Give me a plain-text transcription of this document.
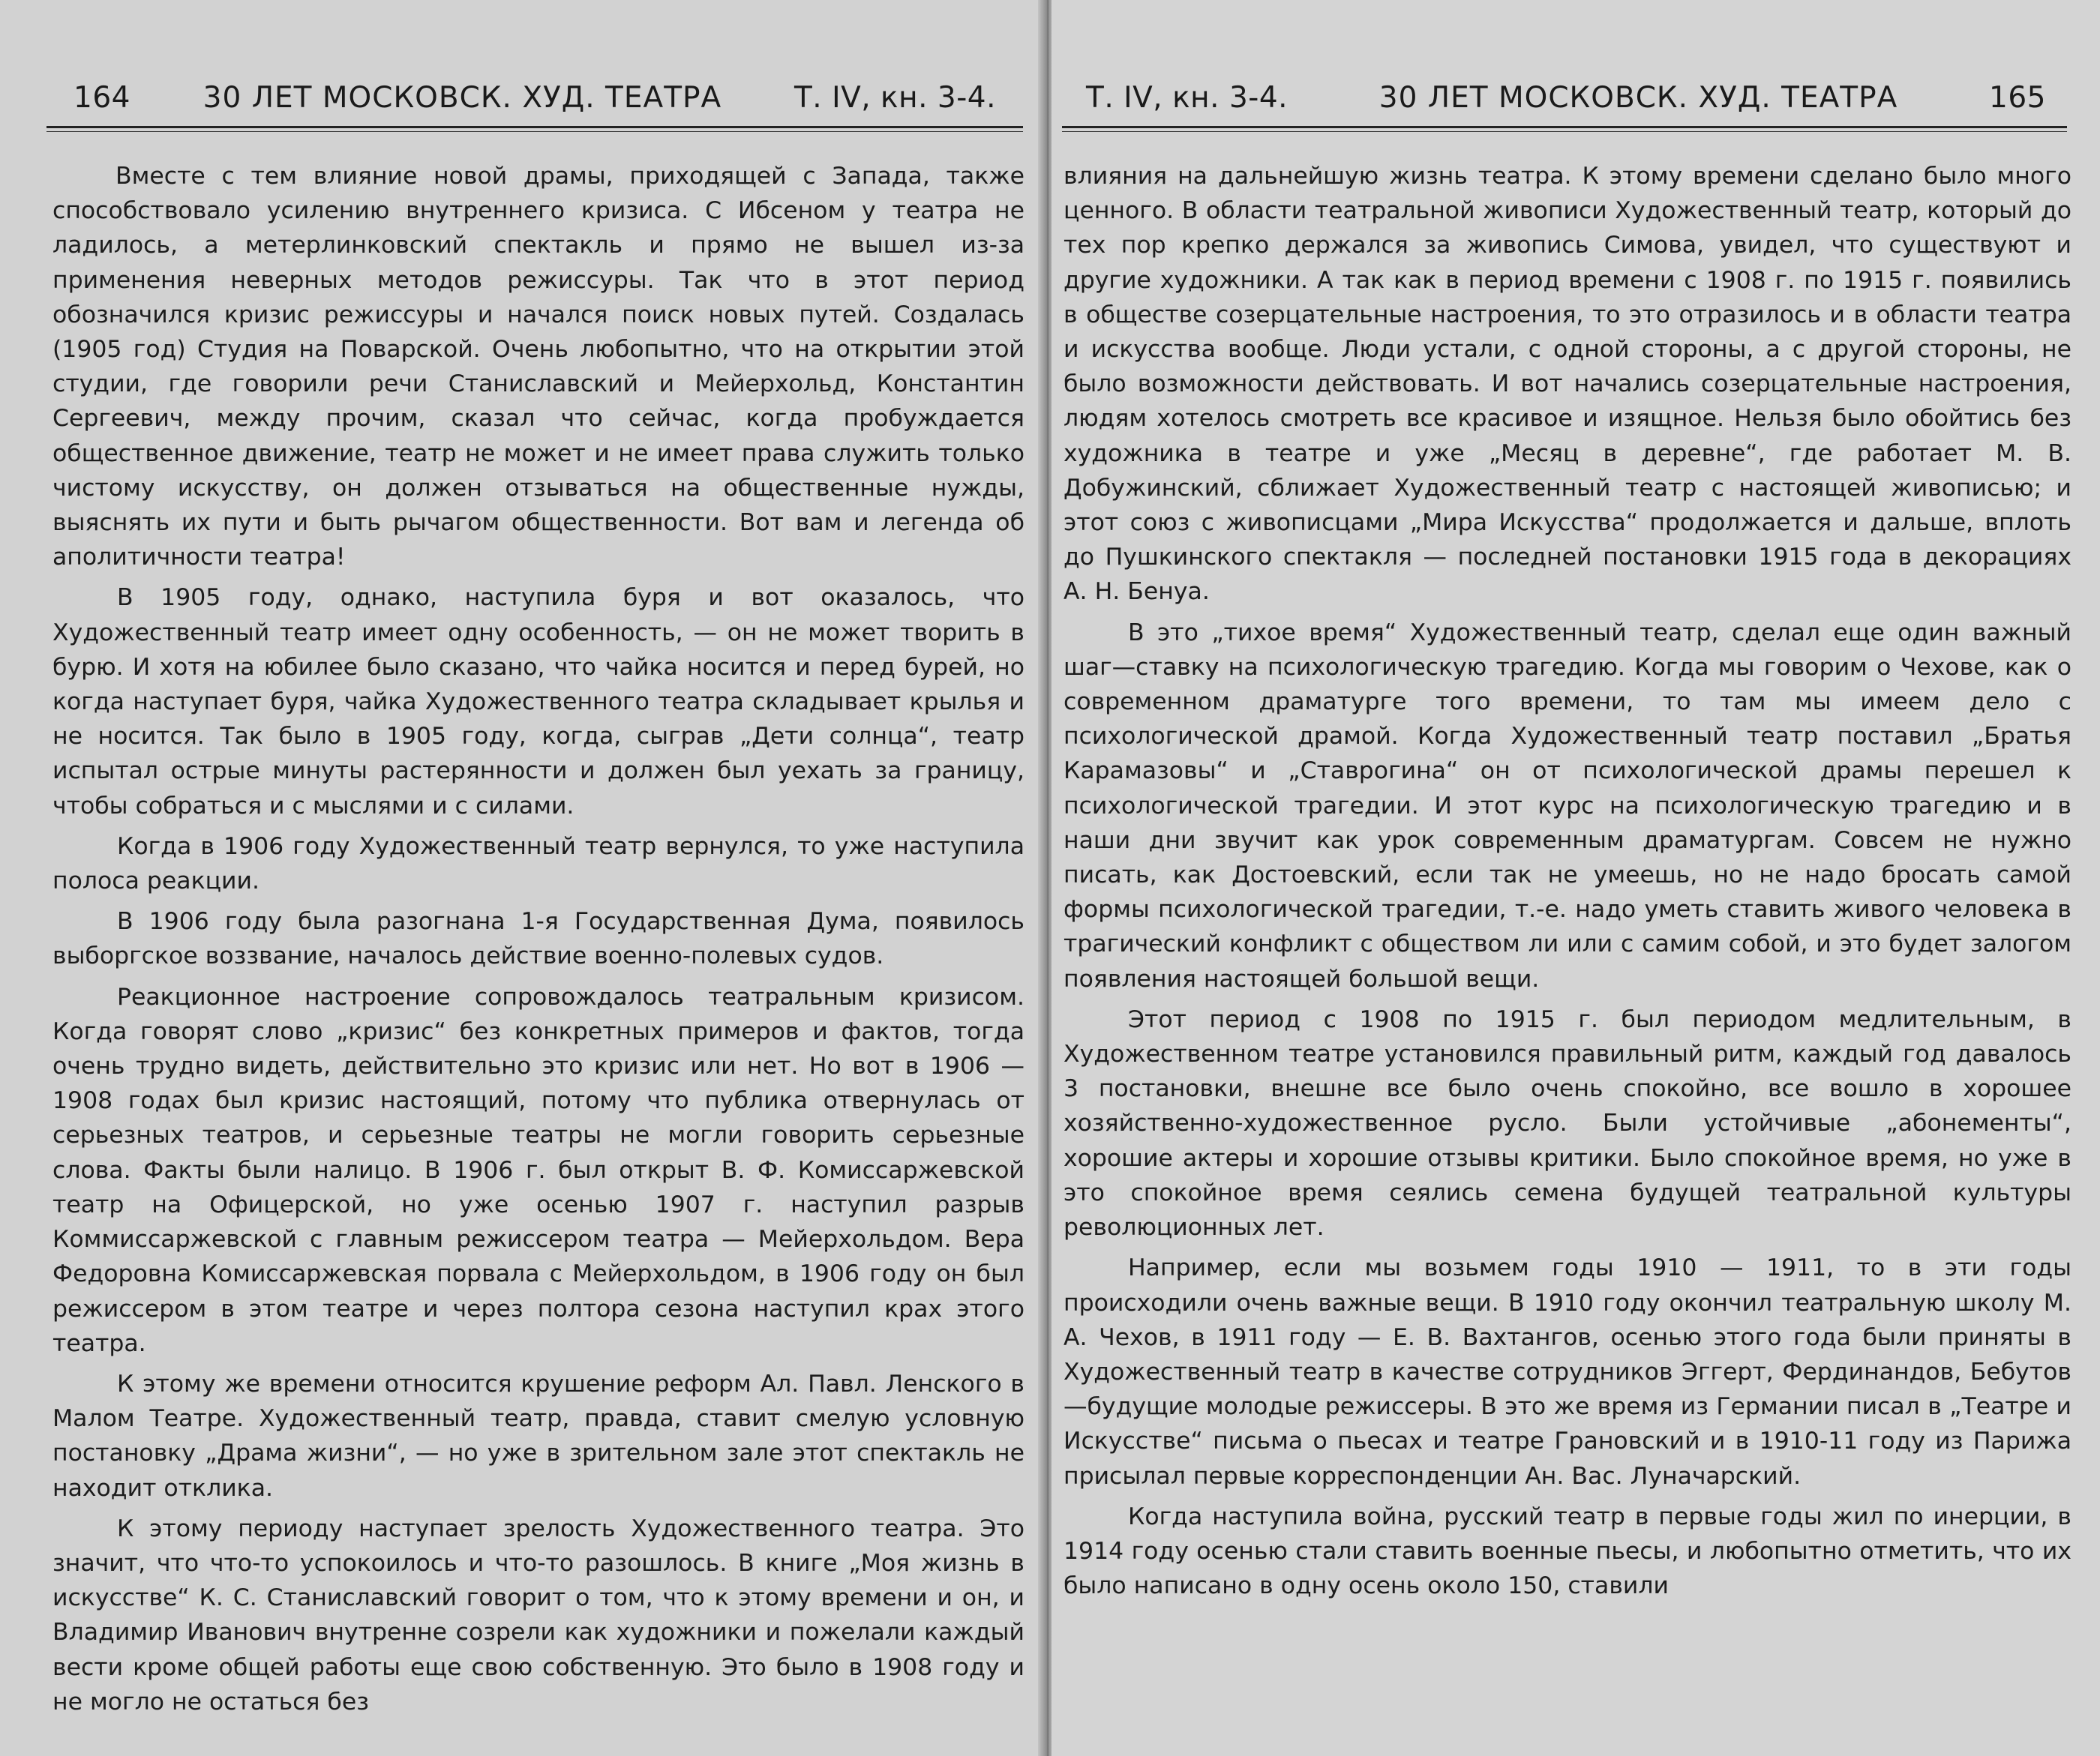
164	30 ЛЕТ МОСКОВСК. ХУД. ТЕАТРА	Т. IV, кн. 3-4.

Вместе с тем влияние новой драмы, приходящей с Запада, также способствовало усилению внутреннего кризиса. С Ибсеном у театра не ладилось, а метерлинковский спектакль и прямо не вышел из-за применения неверных методов режиссуры. Так что в этот период обозначился кризис режиссуры и начался поиск новых путей. Создалась (1905 год) Студия на Поварской. Очень любопытно, что на открытии этой студии, где говорили речи Станиславский и Мейерхольд, Константин Сергеевич, между прочим, сказал что сейчас, когда пробуждается общественное движение, театр не может и не имеет права служить только чистому искусству, он должен отзываться на общественные нужды, выяснять их пути и быть рычагом общественности. Вот вам и легенда об аполитичности театра!

В 1905 году, однако, наступила буря и вот оказалось, что Художественный театр имеет одну особенность, — он не может творить в бурю. И хотя на юбилее было сказано, что чайка носится и перед бурей, но когда наступает буря, чайка Художественного театра складывает крылья и не носится. Так было в 1905 году, когда, сыграв „Дети солнца“, театр испытал острые минуты растерянности и должен был уехать за границу, чтобы собраться и с мыслями и с силами.

Когда в 1906 году Художественный театр вернулся, то уже наступила полоса реакции.

В 1906 году была разогнана 1-я Государственная Дума, появилось выборгское воззвание, началось действие военно-полевых судов.

Реакционное настроение сопровождалось театральным кризисом. Когда говорят слово „кризис“ без конкретных примеров и фактов, тогда очень трудно видеть, действительно это кризис или нет. Но вот в 1906 — 1908 годах был кризис настоящий, потому что публика отвернулась от серьезных театров, и серьезные театры не могли говорить серьезные слова. Факты были налицо. В 1906 г. был открыт В. Ф. Комиссаржевской театр на Офицерской, но уже осенью 1907 г. наступил разрыв Коммиссаржевской с главным режиссером театра — Мейерхольдом. Вера Федоровна Комиссаржевская порвала с Мейерхольдом, в 1906 году он был режиссером в этом театре и через полтора сезона наступил крах этого театра.

К этому же времени относится крушение реформ Ал. Павл. Ленского в Малом Театре. Художественный театр, правда, ставит смелую условную постановку „Драма жизни“, — но уже в зрительном зале этот спектакль не находит отклика.

К этому периоду наступает зрелость Художественного театра. Это значит, что что-то успокоилось и что-то разошлось. В книге „Моя жизнь в искусстве“ К. С. Станиславский говорит о том, что к этому времени и он, и Владимир Иванович внутренне созрели как художники и пожелали каждый вести кроме общей работы еще свою собственную. Это было в 1908 году и не могло не остаться без

Т. IV, кн. 3-4.	30 ЛЕТ МОСКОВСК. ХУД. ТЕАТРА	165

влияния на дальнейшую жизнь театра. К этому времени сделано было много ценного. В области театральной живописи Художественный театр, который до тех пор крепко держался за живопись Симова, увидел, что существуют и другие художники. А так как в период времени с 1908 г. по 1915 г. появились в обществе созерцательные настроения, то это отразилось и в области театра и искусства вообще. Люди устали, с одной стороны, а с другой стороны, не было возможности действовать. И вот начались созерцательные настроения, людям хотелось смотреть все красивое и изящное. Нельзя было обойтись без художника в театре и уже „Месяц в деревне“, где работает М. В. Добужинский, сближает Художественный театр с настоящей живописью; и этот союз с живописцами „Мира Искусства“ продолжается и дальше, вплоть до Пушкинского спектакля — последней постановки 1915 года в декорациях А. Н. Бенуа.

В это „тихое время“ Художественный театр, сделал еще один важный шаг—ставку на психологическую трагедию. Когда мы говорим о Чехове, как о современном драматурге того времени, то там мы имеем дело с психологической драмой. Когда Художественный театр поставил „Братья Карамазовы“ и „Ставрогина“ он от психологической драмы перешел к психологической трагедии. И этот курс на психологическую трагедию и в наши дни звучит как урок современным драматургам. Совсем не нужно писать, как Достоевский, если так не умеешь, но не надо бросать самой формы психологической трагедии, т.-е. надо уметь ставить живого человека в трагический конфликт с обществом ли или с самим собой, и это будет залогом появления настоящей большой вещи.

Этот период с 1908 по 1915 г. был периодом медлительным, в Художественном театре установился правильный ритм, каждый год давалось 3 постановки, внешне все было очень спокойно, все вошло в хорошее хозяйственно-художественное русло. Были устойчивые „абонементы“, хорошие актеры и хорошие отзывы критики. Было спокойное время, но уже в это спокойное время сеялись семена будущей театральной культуры революционных лет.

Например, если мы возьмем годы 1910 — 1911, то в эти годы происходили очень важные вещи. В 1910 году окончил театральную школу М. А. Чехов, в 1911 году — Е. В. Вахтангов, осенью этого года были приняты в Художественный театр в качестве сотрудников Эггерт, Фердинандов, Бебутов—будущие молодые режиссеры. В это же время из Германии писал в „Театре и Искусстве“ письма о пьесах и театре Грановский и в 1910-11 году из Парижа присылал первые корреспонденции Ан. Вас. Луначарский.

Когда наступила война, русский театр в первые годы жил по инерции, в 1914 году осенью стали ставить военные пьесы, и любопытно отметить, что их было написано в одну осень около 150, ставили
